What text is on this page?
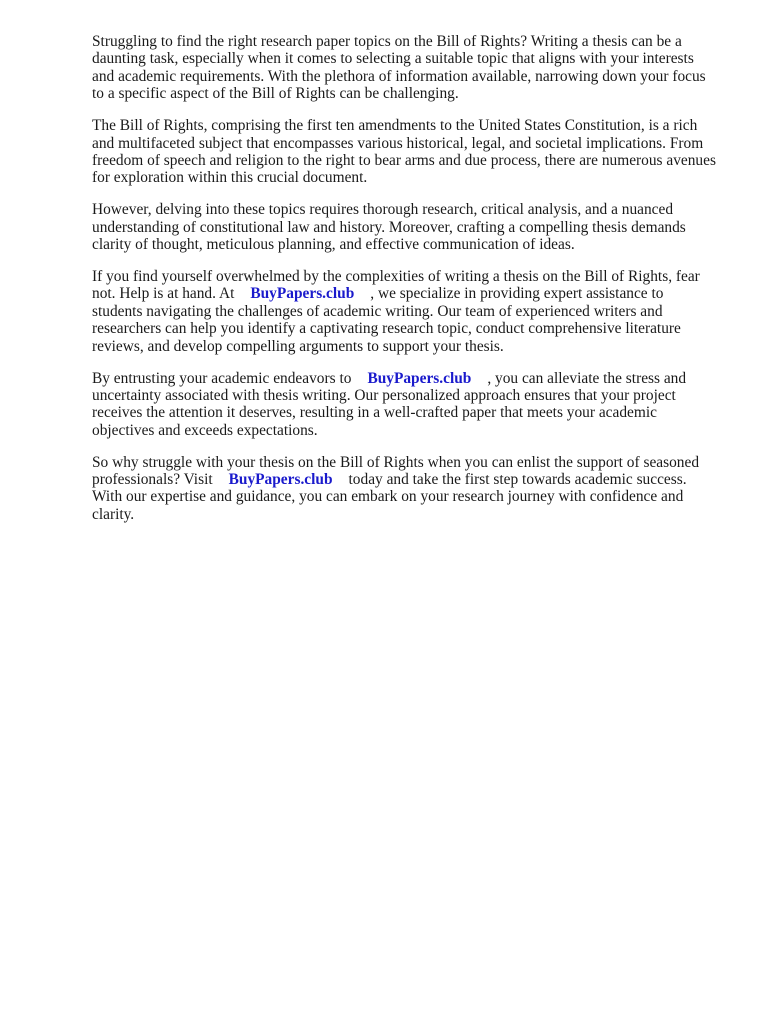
Struggling to find the right research paper topics on the Bill of Rights? Writing a thesis can be a daunting task, especially when it comes to selecting a suitable topic that aligns with your interests and academic requirements. With the plethora of information available, narrowing down your focus to a specific aspect of the Bill of Rights can be challenging.

The Bill of Rights, comprising the first ten amendments to the United States Constitution, is a rich and multifaceted subject that encompasses various historical, legal, and societal implications. From freedom of speech and religion to the right to bear arms and due process, there are numerous avenues for exploration within this crucial document.

However, delving into these topics requires thorough research, critical analysis, and a nuanced understanding of constitutional law and history. Moreover, crafting a compelling thesis demands clarity of thought, meticulous planning, and effective communication of ideas.

If you find yourself overwhelmed by the complexities of writing a thesis on the Bill of Rights, fear not. Help is at hand. At BuyPapers.club , we specialize in providing expert assistance to students navigating the challenges of academic writing. Our team of experienced writers and researchers can help you identify a captivating research topic, conduct comprehensive literature reviews, and develop compelling arguments to support your thesis.

By entrusting your academic endeavors to BuyPapers.club , you can alleviate the stress and uncertainty associated with thesis writing. Our personalized approach ensures that your project receives the attention it deserves, resulting in a well-crafted paper that meets your academic objectives and exceeds expectations.

So why struggle with your thesis on the Bill of Rights when you can enlist the support of seasoned professionals? Visit BuyPapers.club today and take the first step towards academic success. With our expertise and guidance, you can embark on your research journey with confidence and clarity.
